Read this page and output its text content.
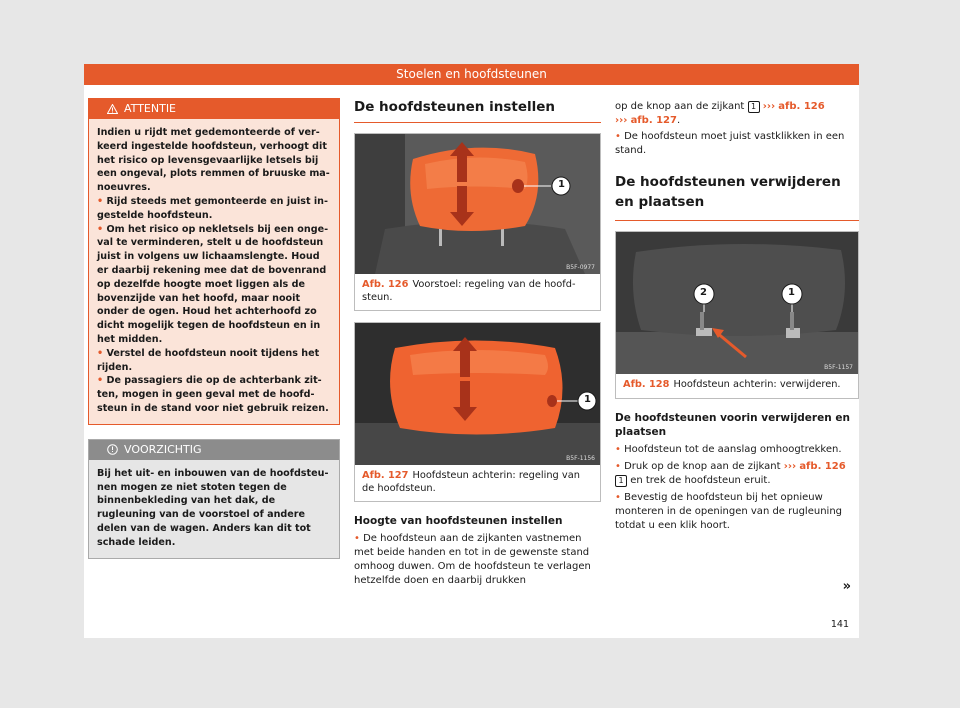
Stoelen en hoofdsteunen
ATTENTIE

Indien u rijdt met gedemonteerde of verkeerd ingestelde hoofdsteun, verhoogt dit het risico op levensgevaarlijke letsels bij een ongeval, plots remmen of bruuske manoeuvres.

• Rijd steeds met gemonteerde en juist ingestelde hoofdsteun.

• Om het risico op nekletsels bij een ongeval te verminderen, stelt u de hoofdsteun juist in volgens uw lichaamslengte. Houd er daarbij rekening mee dat de bovenrand op dezelfde hoogte moet liggen als de bovenzijde van het hoofd, maar nooit onder de ogen. Houd het achterhoofd zo dicht mogelijk tegen de hoofdsteun en in het midden.

• Verstel de hoofdsteun nooit tijdens het rijden.

• De passagiers die op de achterbank zitten, mogen in geen geval met de hoofdsteun in de stand voor niet gebruik reizen.

VOORZICHTIG
Bij het uit- en inbouwen van de hoofdsteunen mogen ze niet stoten tegen de binnenbekleding van het dak, de rugleuning van de voorstoel of andere delen van de wagen. Anders kan dit tot schade leiden.
De hoofdsteunen instellen
B5F-0977
1
Afb. 126 Voorstoel: regeling van de hoofdsteun.
B5F-1156
1
Afb. 127 Hoofdsteun achterin: regeling van de hoofdsteun.
Hoogte van hoofdsteunen instellen
• De hoofdsteun aan de zijkanten vastnemen met beide handen en tot in de gewenste stand omhoog duwen. Om de hoofdsteun te verlagen hetzelfde doen en daarbij drukken
op de knop aan de zijkant 1 ››› afb. 126
››› afb. 127.
• De hoofdsteun moet juist vastklikken in een stand.
De hoofdsteunen verwijderen en plaatsen
B5F-1157
2	1
Afb. 128 Hoofdsteun achterin: verwijderen.
De hoofdsteunen voorin verwijderen en plaatsen
• Hoofdsteun tot de aanslag omhoogtrekken.
• Druk op de knop aan de zijkant ››› afb. 126 1 en trek de hoofdsteun eruit.
• Bevestig de hoofdsteun bij het opnieuw monteren in de openingen van de rugleuning totdat u een klik hoort.
»
141
